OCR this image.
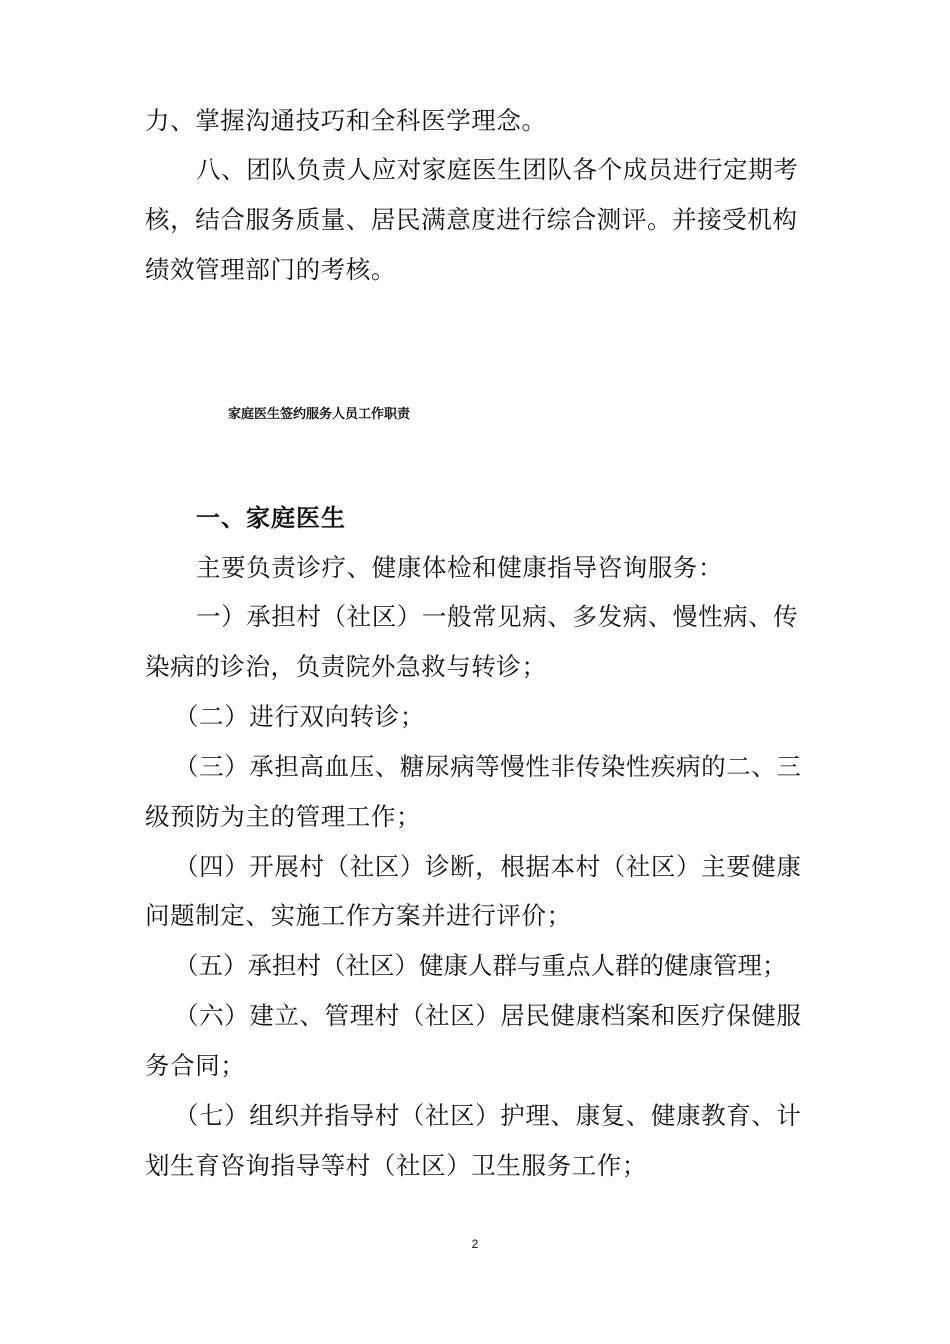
力、掌握沟通技巧和全科医学理念。
八、团队负责人应对家庭医生团队各个成员进行定期考
核，结合服务质量、居民满意度进行综合测评。并接受机构
绩效管理部门的考核。
家庭医生签约服务人员工作职责
一、家庭医生
主要负责诊疗、健康体检和健康指导咨询服务：
一）承担村（社区）一般常见病、多发病、慢性病、传
染病的诊治，负责院外急救与转诊；
（二）进行双向转诊；
（三）承担高血压、糖尿病等慢性非传染性疾病的二、三
级预防为主的管理工作；
（四）开展村（社区）诊断，根据本村（社区）主要健康
问题制定、实施工作方案并进行评价；
（五）承担村（社区）健康人群与重点人群的健康管理；
（六）建立、管理村（社区）居民健康档案和医疗保健服
务合同；
（七）组织并指导村（社区）护理、康复、健康教育、计
划生育咨询指导等村（社区）卫生服务工作；
2
